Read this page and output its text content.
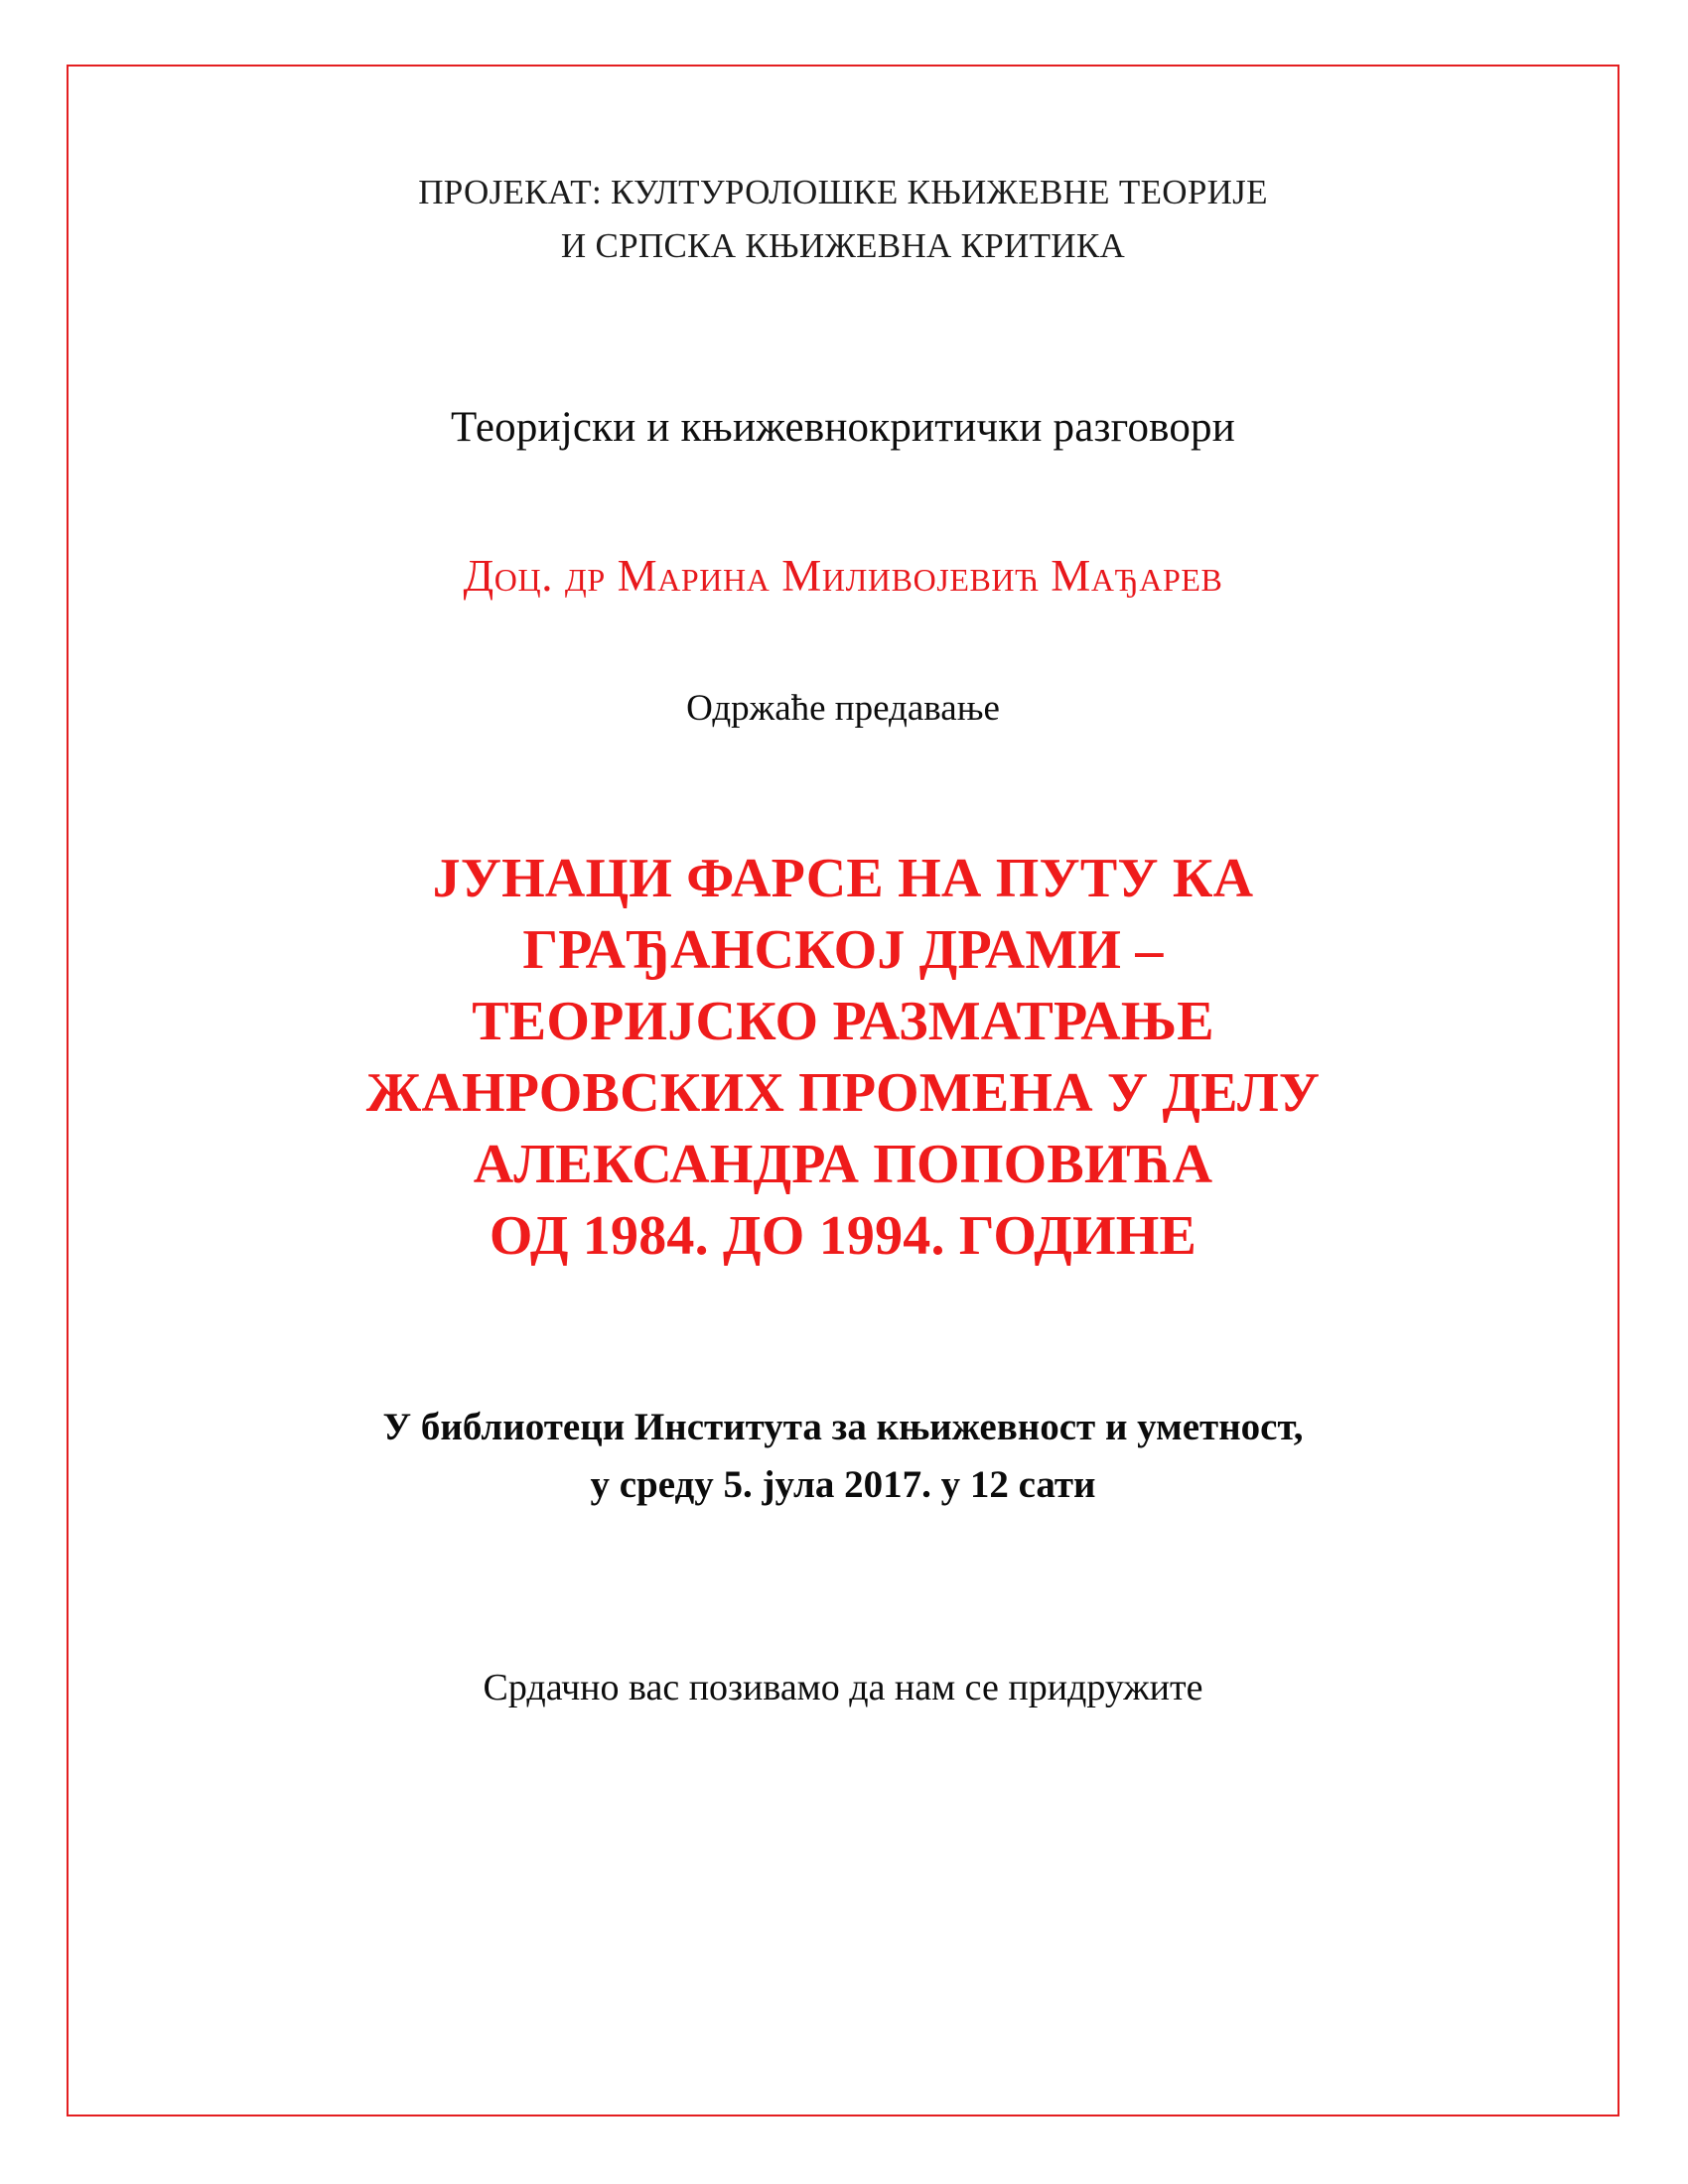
ПРОЈЕКАТ: КУЛТУРОЛОШКЕ КЊИЖЕВНЕ ТЕОРИЈЕ
И СРПСКА КЊИЖЕВНА КРИТИКА
Теоријски и књижевнокритички разговори
Доц. др Марина Миливојевић Мађарев
Одржаће предавање
ЈУНАЦИ ФАРСЕ НА ПУТУ КА
ГРАЂАНСКОЈ ДРАМИ –
ТЕОРИЈСКО РАЗМАТРАЊЕ
ЖАНРОВСКИХ ПРОМЕНА У ДЕЛУ
АЛЕКСАНДРА ПОПОВИЋА
ОД 1984. ДО 1994. ГОДИНЕ
У библиотеци Института за књижевност и уметност,
у среду 5. јула 2017. у 12 сати
Срдачно вас позивамо да нам се придружите
